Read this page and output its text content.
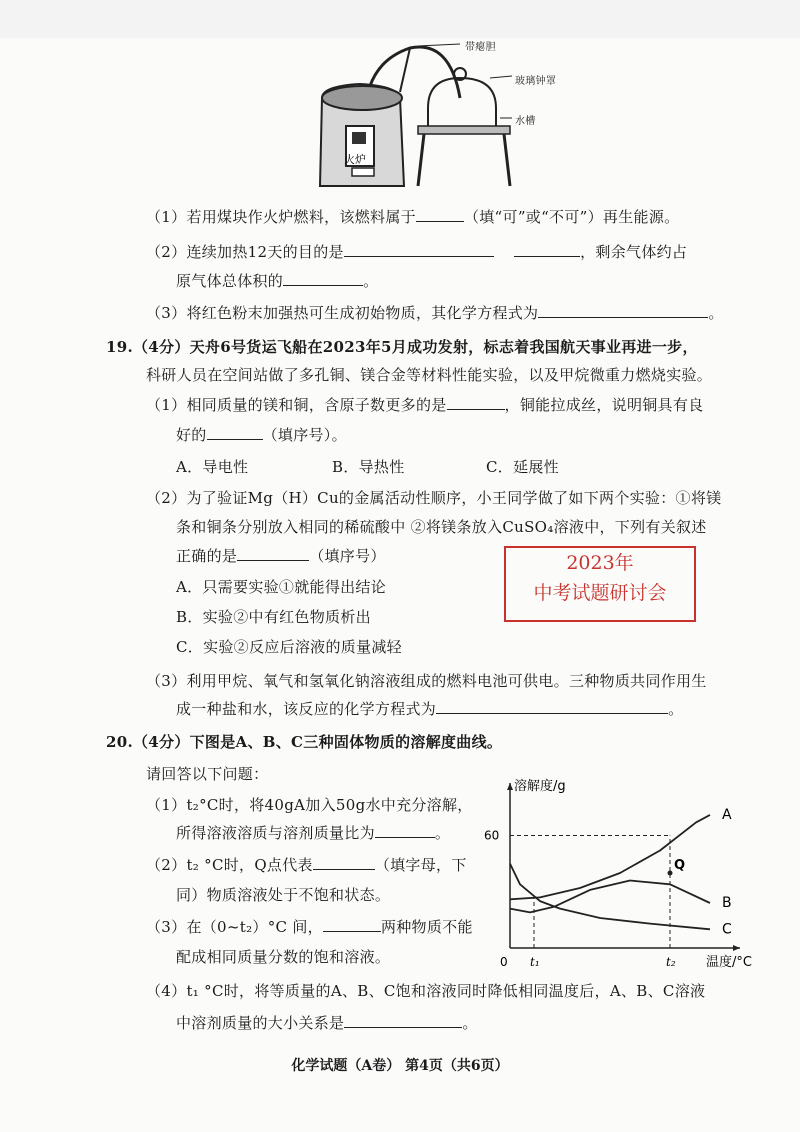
火炉
带瘪胆
玻璃钟罩
水槽
（1）若用煤块作火炉燃料，该燃料属于	（填“可”或“不可”）再生能源。
（2）连续加热12天的目的是	，剩余气体约占
原气体总体积的	。
（3）将红色粉末加强热可生成初始物质，其化学方程式为	。
19.（4分）天舟6号货运飞船在2023年5月成功发射，标志着我国航天事业再进一步，
科研人员在空间站做了多孔铜、镁合金等材料性能实验，以及甲烷微重力燃烧实验。
（1）相同质量的镁和铜，含原子数更多的是	，铜能拉成丝，说明铜具有良
好的	（填序号）。
A．导电性	B．导热性	C．延展性
（2）为了验证Mg（H）Cu的金属活动性顺序，小王同学做了如下两个实验：①将镁
条和铜条分别放入相同的稀硫酸中 ②将镁条放入CuSO₄溶液中，下列有关叙述
正确的是	（填序号）
A．只需要实验①就能得出结论
B．实验②中有红色物质析出
C．实验②反应后溶液的质量减轻
（3）利用甲烷、氧气和氢氧化钠溶液组成的燃料电池可供电。三种物质共同作用生
成一种盐和水，该反应的化学方程式为	。
2023年
中考试题研讨会
20.（4分）下图是A、B、C三种固体物质的溶解度曲线。
请回答以下问题：
（1）t₂°C时，将40gA加入50g水中充分溶解，
所得溶液溶质与溶剂质量比为	。
（2）t₂ °C时，Q点代表	（填字母，下
同）物质溶液处于不饱和状态。
（3）在（0~t₂）°C 间，	两种物质不能
配成相同质量分数的饱和溶液。
（4）t₁ °C时，将等质量的A、B、C饱和溶液同时降低相同温度后，A、B、C溶液
中溶剂质量的大小关系是	。
溶解度/g
温度/°C
0
60
t₁	t₂
A
B
C
Q
化学试题（A卷） 第4页（共6页）
